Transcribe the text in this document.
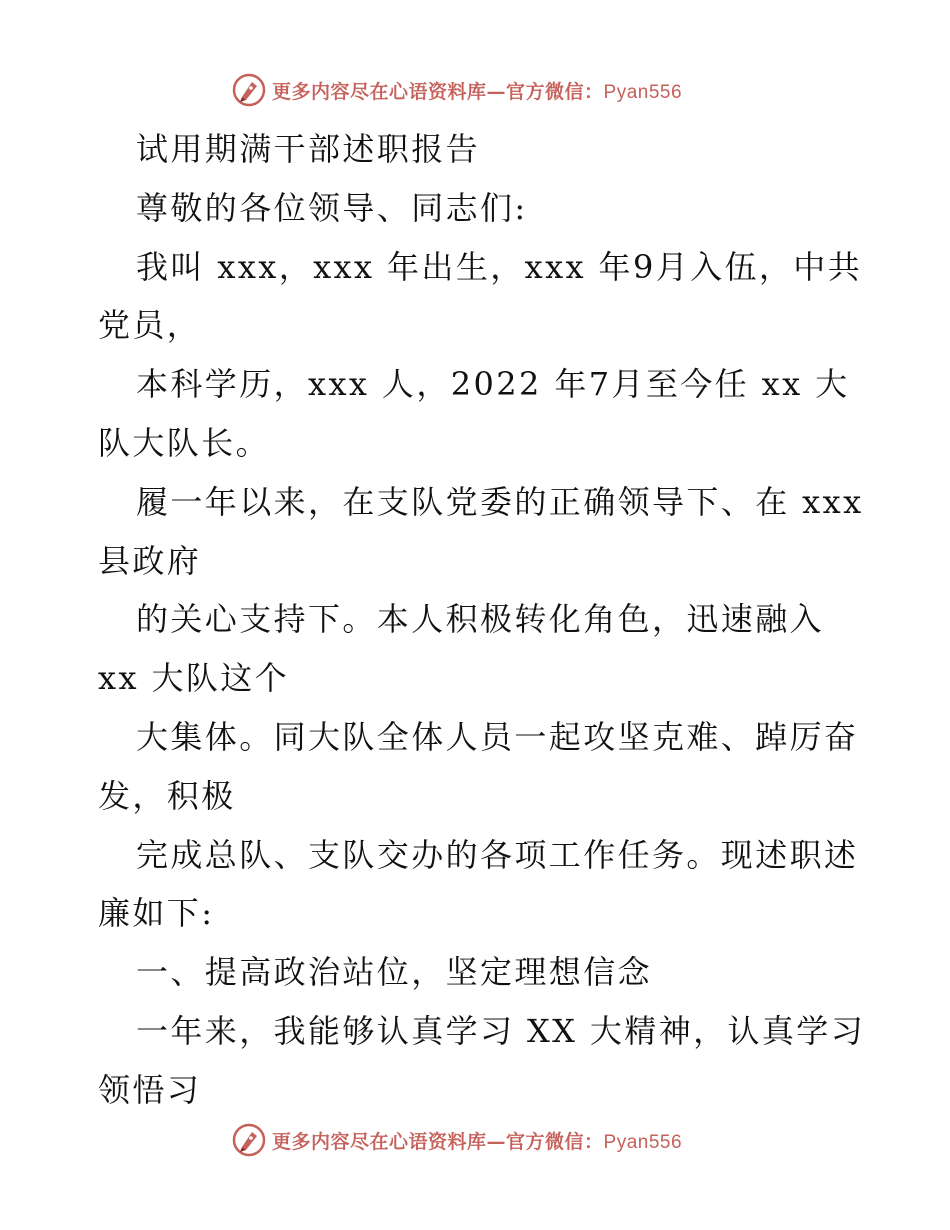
更多内容尽在心语资料库—官方微信：Pyan556
试用期满干部述职报告
尊敬的各位领导、同志们:
我叫 xxx，xxx 年出生，xxx 年9月入伍，中共
党员，
本科学历，xxx 人，2022 年7月至今任 xx 大
队大队长。
履一年以来，在支队党委的正确领导下、在 xxx
县政府
的关心支持下。本人积极转化角色，迅速融入
xx 大队这个
大集体。同大队全体人员一起攻坚克难、踔厉奋
发，积极
完成总队、支队交办的各项工作任务。现述职述
廉如下:
一、提高政治站位，坚定理想信念
一年来，我能够认真学习 XX 大精神，认真学习
领悟习
更多内容尽在心语资料库—官方微信：Pyan556
